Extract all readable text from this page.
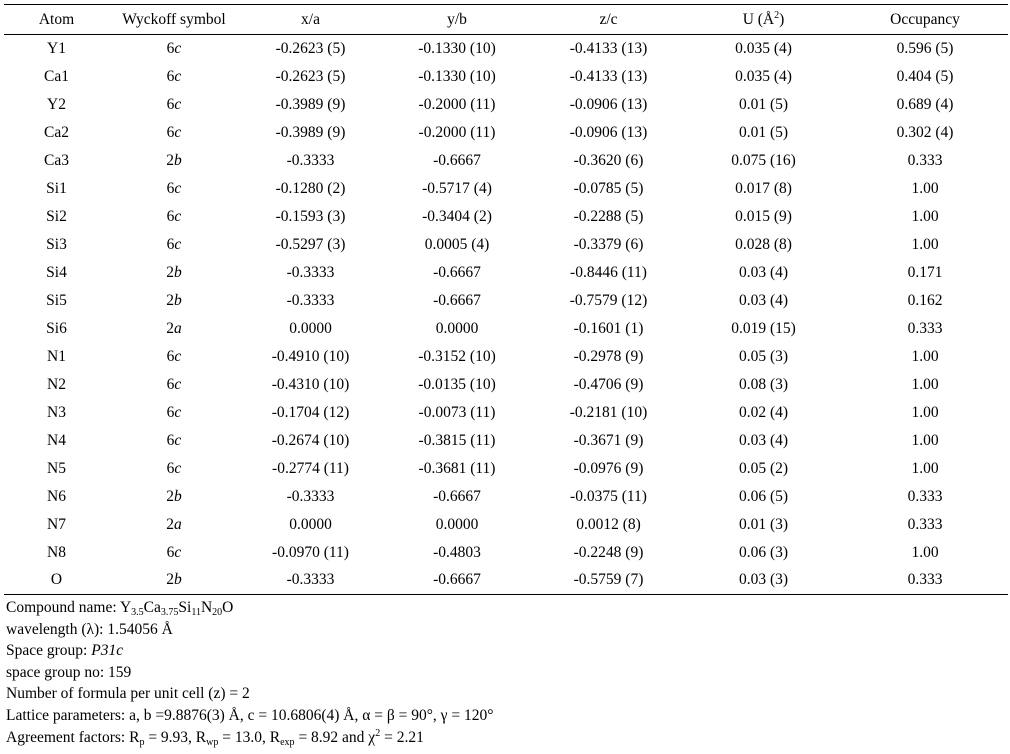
Atom	Wyckoff symbol	x/a	y/b	z/c	U $(Å^2)$	Occupancy
Y1	6c	-0.2623 (5)	-0.1330 (10)	-0.4133 (13)	0.035 (4)	0.596 (5)
Ca1	6c	-0.2623 (5)	-0.1330 (10)	-0.4133 (13)	0.035 (4)	0.404 (5)
Y2	6c	-0.3989 (9)	-0.2000 (11)	-0.0906 (13)	0.01 (5)	0.689 (4)
Ca2	6c	-0.3989 (9)	-0.2000 (11)	-0.0906 (13)	0.01 (5)	0.302 (4)
Ca3	2b	-0.3333	-0.6667	-0.3620 (6)	0.075 (16)	0.333
Si1	6c	-0.1280 (2)	-0.5717 (4)	-0.0785 (5)	0.017 (8)	1.00
Si2	6c	-0.1593 (3)	-0.3404 (2)	-0.2288 (5)	0.015 (9)	1.00
Si3	6c	-0.5297 (3)	0.0005 (4)	-0.3379 (6)	0.028 (8)	1.00
Si4	2b	-0.3333	-0.6667	-0.8446 (11)	0.03 (4)	0.171
Si5	2b	-0.3333	-0.6667	-0.7579 (12)	0.03 (4)	0.162
Si6	2a	0.0000	0.0000	-0.1601 (1)	0.019 (15)	0.333
N1	6c	-0.4910 (10)	-0.3152 (10)	-0.2978 (9)	0.05 (3)	1.00
N2	6c	-0.4310 (10)	-0.0135 (10)	-0.4706 (9)	0.08 (3)	1.00
N3	6c	-0.1704 (12)	-0.0073 (11)	-0.2181 (10)	0.02 (4)	1.00
N4	6c	-0.2674 (10)	-0.3815 (11)	-0.3671 (9)	0.03 (4)	1.00
N5	6c	-0.2774 (11)	-0.3681 (11)	-0.0976 (9)	0.05 (2)	1.00
N6	2b	-0.3333	-0.6667	-0.0375 (11)	0.06 (5)	0.333
N7	2a	0.0000	0.0000	0.0012 (8)	0.01 (3)	0.333
N8	6c	-0.0970 (11)	-0.4803	-0.2248 (9)	0.06 (3)	1.00
O	2b	-0.3333	-0.6667	-0.5759 (7)	0.03 (3)	0.333
Compound name: $Y_{3.5}Ca_{3.75}Si_{11}N_{20}O$
wavelength (λ): 1.54056 Å
Space group: P31c
space group no: 159
Number of formula per unit cell (z) = 2
Lattice parameters: a, b =9.8876(3) Å, c = 10.6806(4) Å, α = β = 90°, γ = 120°
Agreement factors: $R_p = 9.93$, $R_{wp} = 13.0$, $R_{exp} = 8.92$ and $\chi^2 = 2.21$
